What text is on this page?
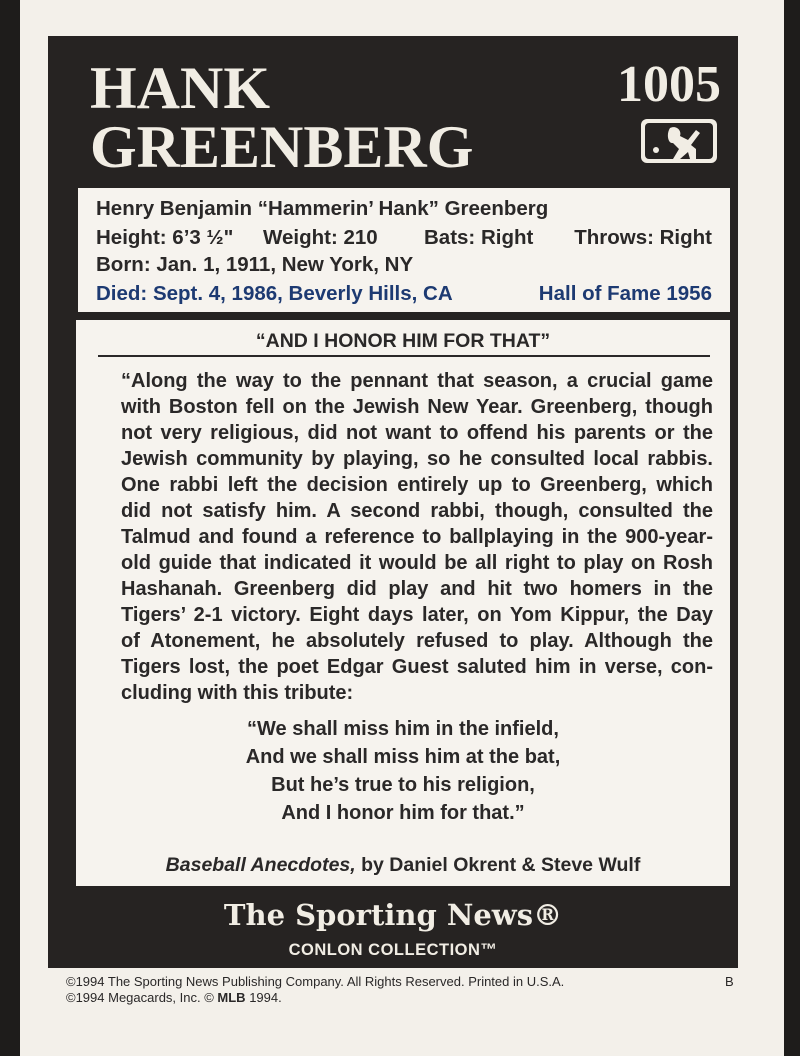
HANK
GREENBERG
1005
Henry Benjamin “Hammerin’ Hank” Greenberg
Height: 6’3 ½" Weight: 210 Bats: Right Throws: Right
Born: Jan. 1, 1911, New York, NY
Died: Sept. 4, 1986, Beverly Hills, CA	Hall of Fame 1956
“AND I HONOR HIM FOR THAT”
“Along the way to the pennant that season, a crucial game
with Boston fell on the Jewish New Year. Greenberg, though
not very religious, did not want to offend his parents or the
Jewish community by playing, so he consulted local rabbis.
One rabbi left the decision entirely up to Greenberg, which
did not satisfy him. A second rabbi, though, consulted the
Talmud and found a reference to ballplaying in the 900-year-
old guide that indicated it would be all right to play on Rosh
Hashanah. Greenberg did play and hit two homers in the
Tigers’ 2-1 victory. Eight days later, on Yom Kippur, the Day
of Atonement, he absolutely refused to play. Although the
Tigers lost, the poet Edgar Guest saluted him in verse, con-
cluding with this tribute:
“We shall miss him in the infield,
And we shall miss him at the bat,
But he’s true to his religion,
And I honor him for that.”
Baseball Anecdotes, by Daniel Okrent & Steve Wulf
The Sporting News®
CONLON COLLECTION™
©1994 The Sporting News Publishing Company. All Rights Reserved. Printed in U.S.A.
©1994 Megacards, Inc. © MLB 1994.
B
